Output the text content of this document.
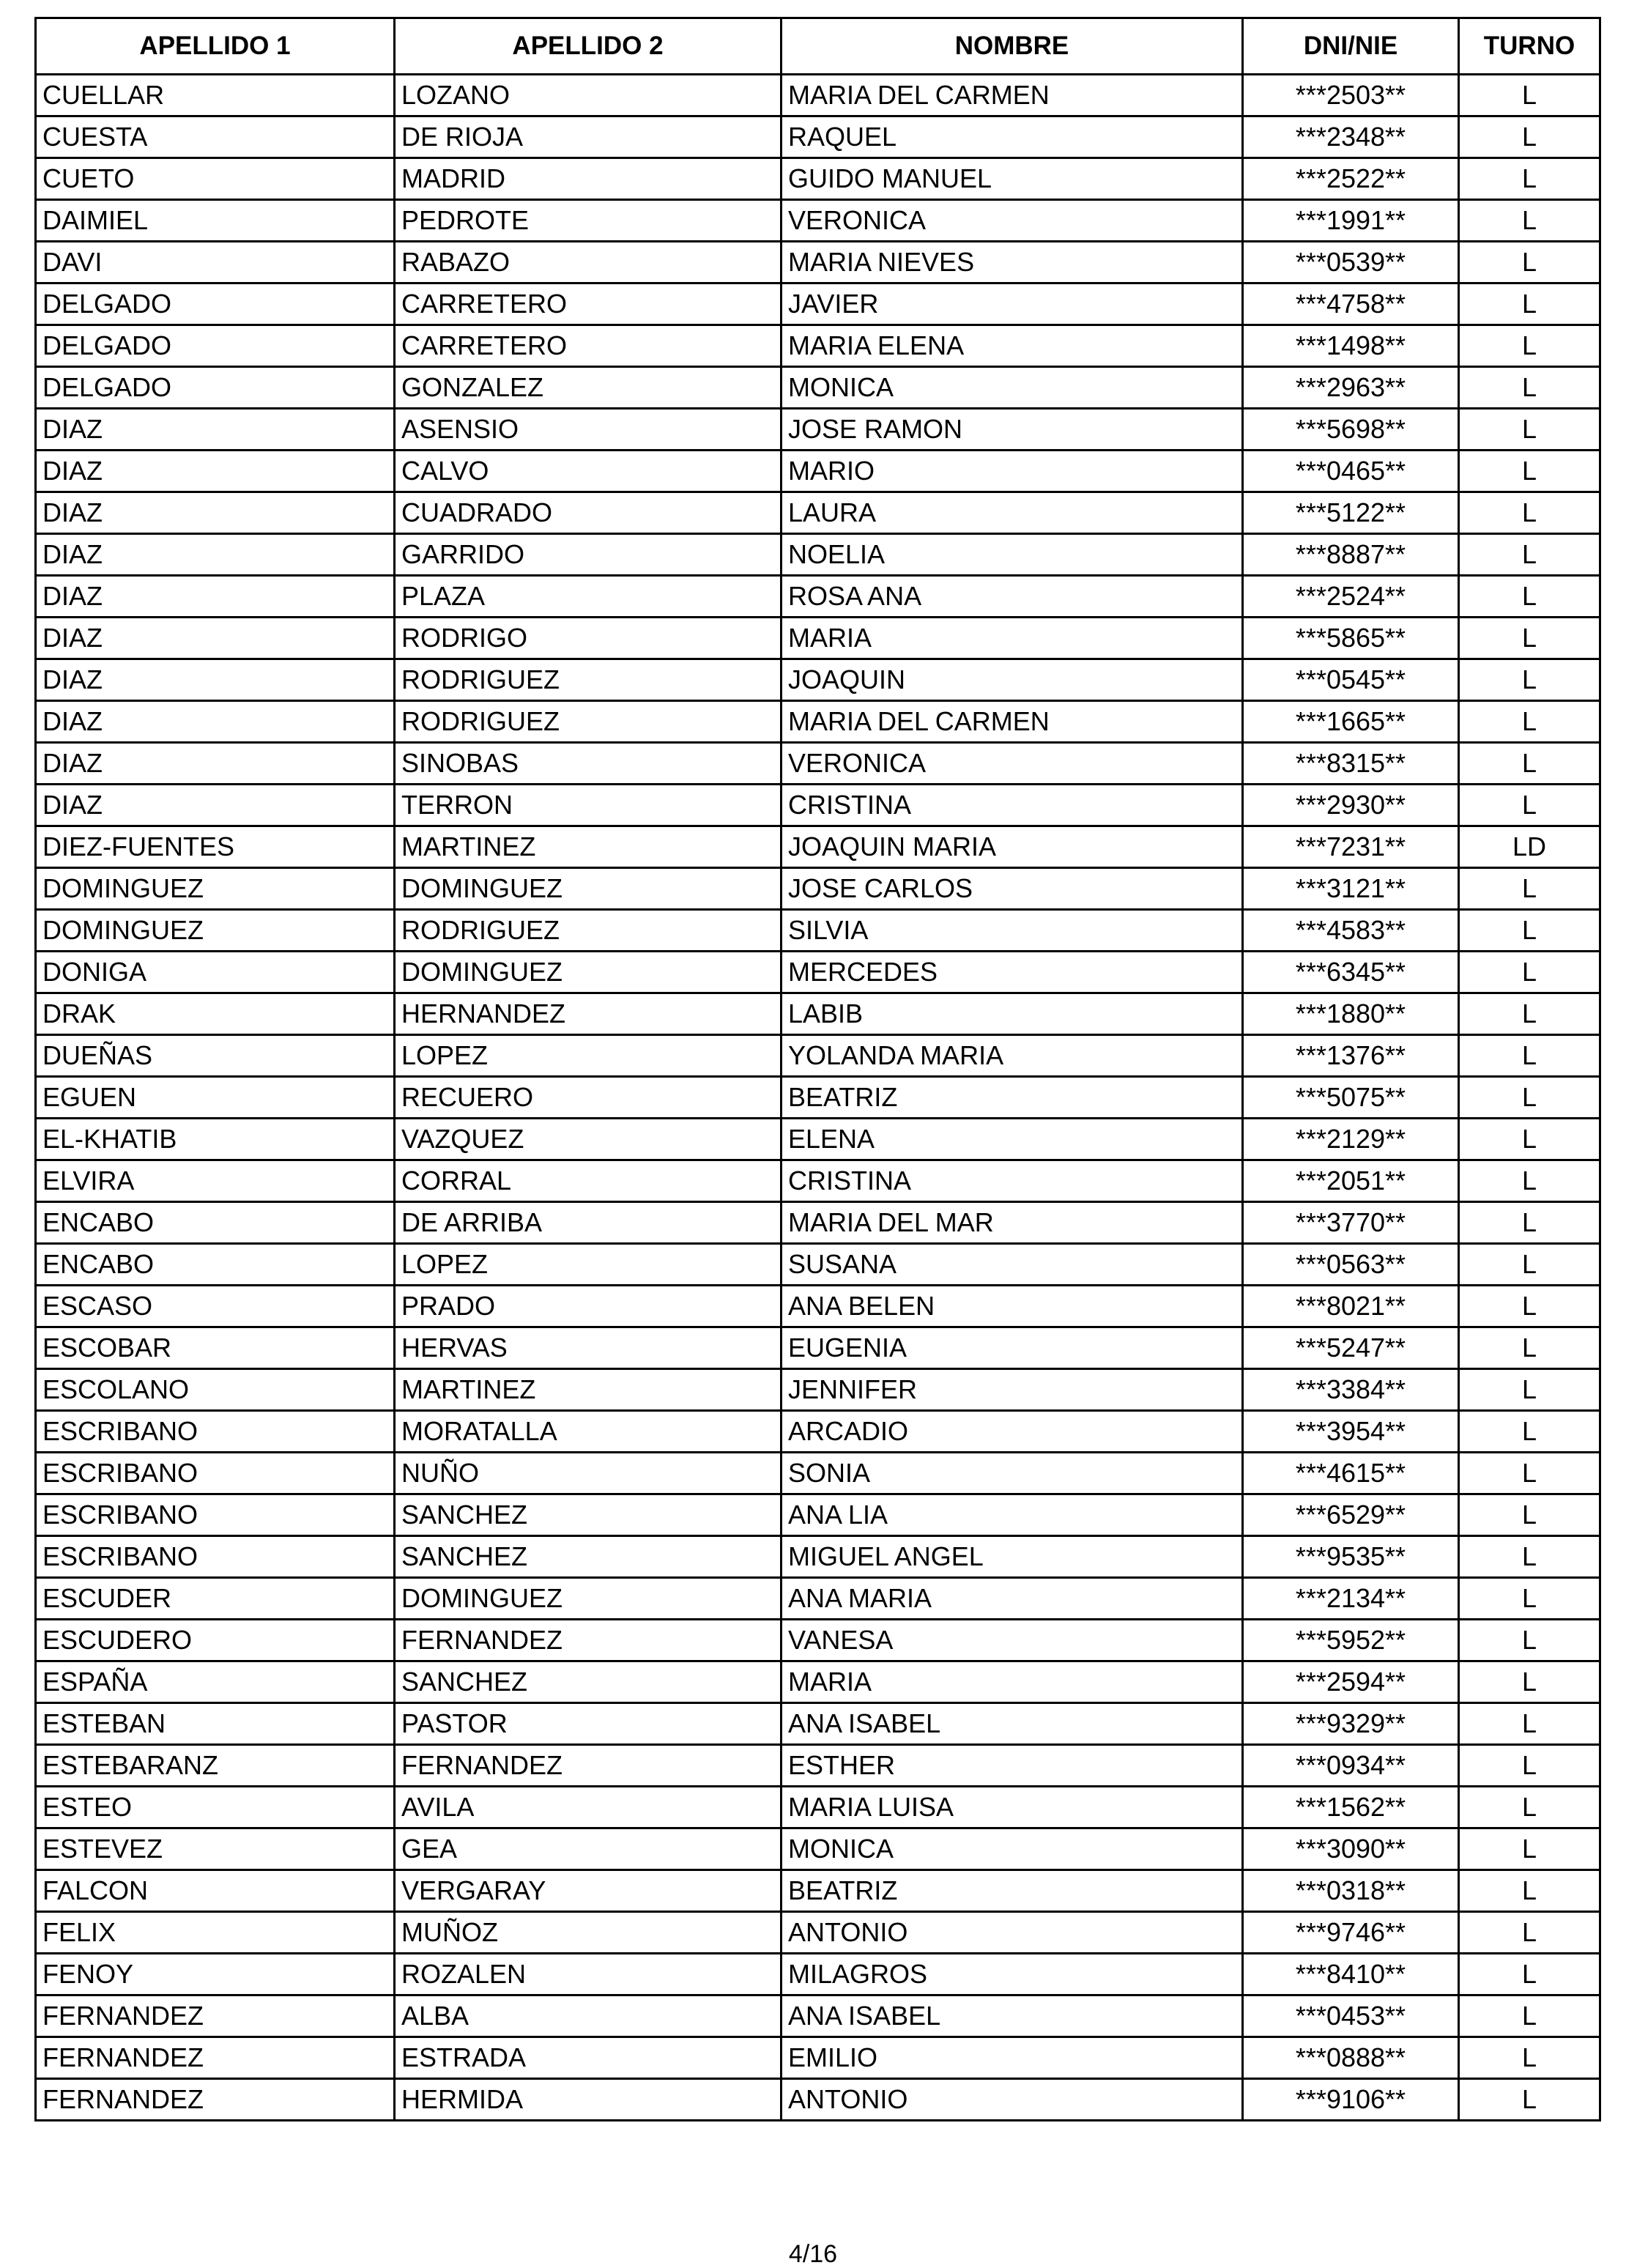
APELLIDO 1	APELLIDO 2	NOMBRE	DNI/NIE	TURNO
CUELLAR	LOZANO	MARIA DEL CARMEN	***2503**	L
CUESTA	DE RIOJA	RAQUEL	***2348**	L
CUETO	MADRID	GUIDO MANUEL	***2522**	L
DAIMIEL	PEDROTE	VERONICA	***1991**	L
DAVI	RABAZO	MARIA NIEVES	***0539**	L
DELGADO	CARRETERO	JAVIER	***4758**	L
DELGADO	CARRETERO	MARIA ELENA	***1498**	L
DELGADO	GONZALEZ	MONICA	***2963**	L
DIAZ	ASENSIO	JOSE RAMON	***5698**	L
DIAZ	CALVO	MARIO	***0465**	L
DIAZ	CUADRADO	LAURA	***5122**	L
DIAZ	GARRIDO	NOELIA	***8887**	L
DIAZ	PLAZA	ROSA ANA	***2524**	L
DIAZ	RODRIGO	MARIA	***5865**	L
DIAZ	RODRIGUEZ	JOAQUIN	***0545**	L
DIAZ	RODRIGUEZ	MARIA DEL CARMEN	***1665**	L
DIAZ	SINOBAS	VERONICA	***8315**	L
DIAZ	TERRON	CRISTINA	***2930**	L
DIEZ-FUENTES	MARTINEZ	JOAQUIN MARIA	***7231**	LD
DOMINGUEZ	DOMINGUEZ	JOSE CARLOS	***3121**	L
DOMINGUEZ	RODRIGUEZ	SILVIA	***4583**	L
DONIGA	DOMINGUEZ	MERCEDES	***6345**	L
DRAK	HERNANDEZ	LABIB	***1880**	L
DUEÑAS	LOPEZ	YOLANDA MARIA	***1376**	L
EGUEN	RECUERO	BEATRIZ	***5075**	L
EL-KHATIB	VAZQUEZ	ELENA	***2129**	L
ELVIRA	CORRAL	CRISTINA	***2051**	L
ENCABO	DE ARRIBA	MARIA DEL MAR	***3770**	L
ENCABO	LOPEZ	SUSANA	***0563**	L
ESCASO	PRADO	ANA BELEN	***8021**	L
ESCOBAR	HERVAS	EUGENIA	***5247**	L
ESCOLANO	MARTINEZ	JENNIFER	***3384**	L
ESCRIBANO	MORATALLA	ARCADIO	***3954**	L
ESCRIBANO	NUÑO	SONIA	***4615**	L
ESCRIBANO	SANCHEZ	ANA LIA	***6529**	L
ESCRIBANO	SANCHEZ	MIGUEL ANGEL	***9535**	L
ESCUDER	DOMINGUEZ	ANA MARIA	***2134**	L
ESCUDERO	FERNANDEZ	VANESA	***5952**	L
ESPAÑA	SANCHEZ	MARIA	***2594**	L
ESTEBAN	PASTOR	ANA ISABEL	***9329**	L
ESTEBARANZ	FERNANDEZ	ESTHER	***0934**	L
ESTEO	AVILA	MARIA LUISA	***1562**	L
ESTEVEZ	GEA	MONICA	***3090**	L
FALCON	VERGARAY	BEATRIZ	***0318**	L
FELIX	MUÑOZ	ANTONIO	***9746**	L
FENOY	ROZALEN	MILAGROS	***8410**	L
FERNANDEZ	ALBA	ANA ISABEL	***0453**	L
FERNANDEZ	ESTRADA	EMILIO	***0888**	L
FERNANDEZ	HERMIDA	ANTONIO	***9106**	L
4/16
